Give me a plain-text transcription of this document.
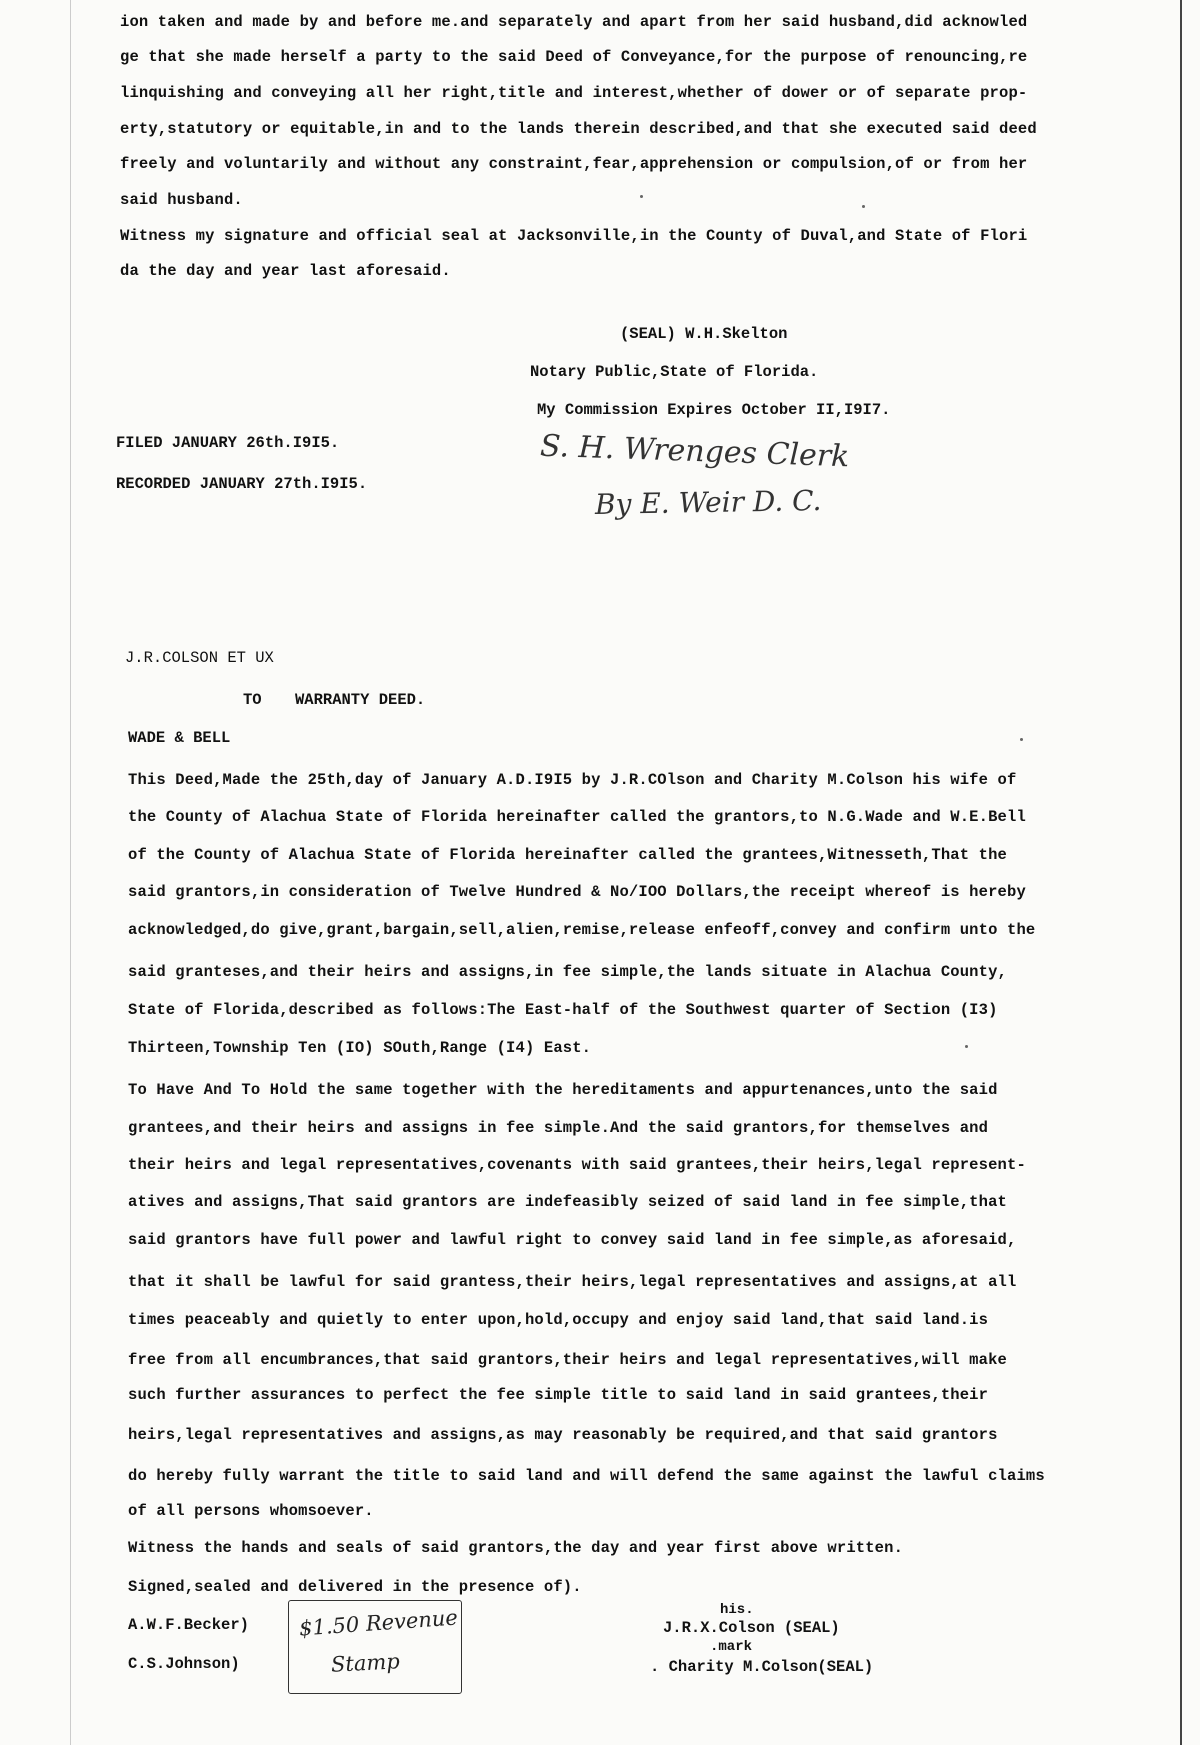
ion taken and made by and before me.and separately and apart from her said husband,did acknowled
ge that she made herself a party to the said Deed of Conveyance,for the purpose of renouncing,re
linquishing and conveying all her right,title and interest,whether of dower or of separate prop-
erty,statutory or equitable,in and to the lands therein described,and that she executed said deed
freely and voluntarily and without any constraint,fear,apprehension or compulsion,of or from her
said husband.
Witness my signature and official seal at Jacksonville,in the County of Duval,and State of Flori
da the day and year last aforesaid.
(SEAL) W.H.Skelton
Notary Public,State of Florida.
My Commission Expires October II,I9I7.
FILED JANUARY 26th.I9I5.
RECORDED JANUARY 27th.I9I5.
S. H. Wrenges Clerk
By E. Weir D. C.
J.R.COLSON ET UX
TO WARRANTY DEED.
WADE & BELL
This Deed,Made the 25th,day of January A.D.I9I5 by J.R.COlson and Charity M.Colson his wife of
the County of Alachua State of Florida hereinafter called the grantors,to N.G.Wade and W.E.Bell
of the County of Alachua State of Florida hereinafter called the grantees,Witnesseth,That the
said grantors,in consideration of Twelve Hundred & No/IOO Dollars,the receipt whereof is hereby
acknowledged,do give,grant,bargain,sell,alien,remise,release enfeoff,convey and confirm unto the
said granteses,and their heirs and assigns,in fee simple,the lands situate in Alachua County,
State of Florida,described as follows:The East-half of the Southwest quarter of Section (I3)
Thirteen,Township Ten (IO) SOuth,Range (I4) East.
To Have And To Hold the same together with the hereditaments and appurtenances,unto the said
grantees,and their heirs and assigns in fee simple.And the said grantors,for themselves and
their heirs and legal representatives,covenants with said grantees,their heirs,legal represent-
atives and assigns,That said grantors are indefeasibly seized of said land in fee simple,that
said grantors have full power and lawful right to convey said land in fee simple,as aforesaid,
that it shall be lawful for said grantess,their heirs,legal representatives and assigns,at all
times peaceably and quietly to enter upon,hold,occupy and enjoy said land,that said land.is
free from all encumbrances,that said grantors,their heirs and legal representatives,will make
such further assurances to perfect the fee simple title to said land in said grantees,their
heirs,legal representatives and assigns,as may reasonably be required,and that said grantors
do hereby fully warrant the title to said land and will defend the same against the lawful claims
of all persons whomsoever.
Witness the hands and seals of said grantors,the day and year first above written.
Signed,sealed and delivered in the presence of).
A.W.F.Becker)
C.S.Johnson)
$1.50 Revenue
Stamp
his.
J.R.X.Colson (SEAL)
.mark
. Charity M.Colson(SEAL)
